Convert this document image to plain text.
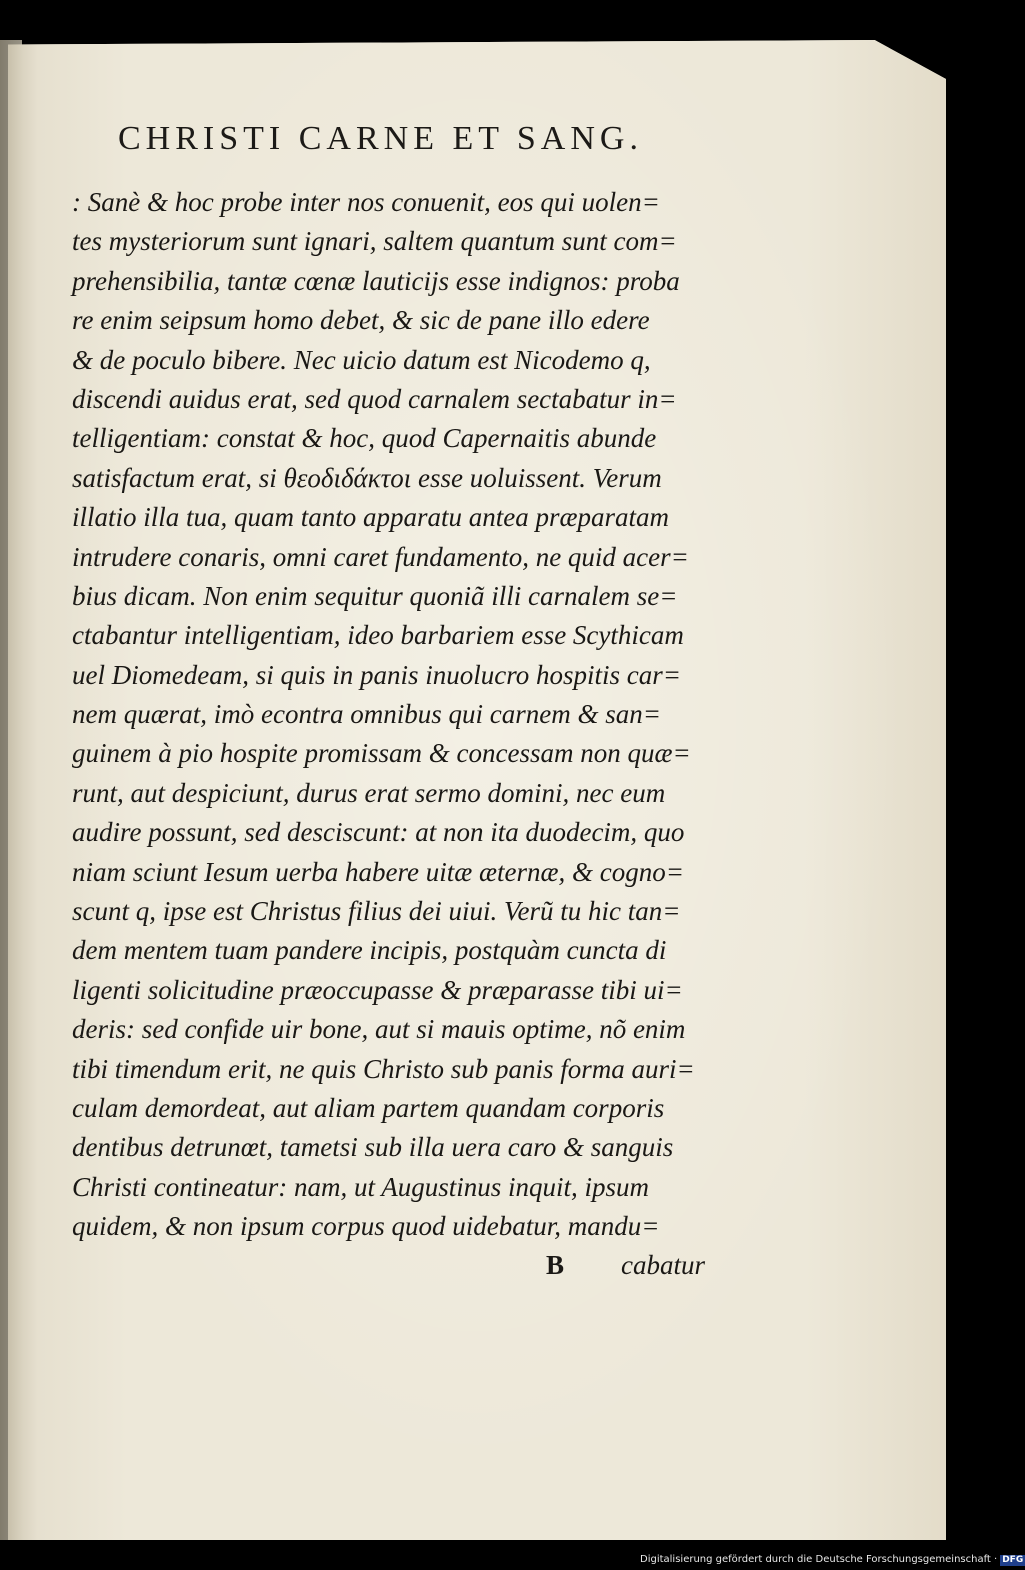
CHRISTI CARNE ET SANG.
: Sanè & hoc probe inter nos conuenit, eos qui uolen=
tes mysteriorum sunt ignari, saltem quantum sunt com=
prehensibilia, tantæ cœnæ lauticijs esse indignos: proba
re enim seipsum homo debet, & sic de pane illo edere
& de poculo bibere. Nec uicio datum est Nicodemo q,
discendi auidus erat, sed quod carnalem sectabatur in=
telligentiam: constat & hoc, quod Capernaitis abunde
satisfactum erat, si θεοδιδάκτοι esse uoluissent. Verum
illatio illa tua, quam tanto apparatu antea præparatam
intrudere conaris, omni caret fundamento, ne quid acer=
bius dicam. Non enim sequitur quoniã illi carnalem se=
ctabantur intelligentiam, ideo barbariem esse Scythicam
uel Diomedeam, si quis in panis inuolucro hospitis car=
nem quærat, imò econtra omnibus qui carnem & san=
guinem à pio hospite promissam & concessam non quæ=
runt, aut despiciunt, durus erat sermo domini, nec eum
audire possunt, sed desciscunt: at non ita duodecim, quo
niam sciunt Iesum uerba habere uitæ æternæ, & cogno=
scunt q, ipse est Christus filius dei uiui. Verũ tu hic tan=
dem mentem tuam pandere incipis, postquàm cuncta di
ligenti solicitudine præoccupasse & præparasse tibi ui=
deris: sed confide uir bone, aut si mauis optime, nõ enim
tibi timendum erit, ne quis Christo sub panis forma auri=
culam demordeat, aut aliam partem quandam corporis
dentibus detrunœt, tametsi sub illa uera caro & sanguis
Christi contineatur: nam, ut Augustinus inquit, ipsum
quidem, & non ipsum corpus quod uidebatur, mandu=
B cabatur
Digitalisierung gefördert durch die Deutsche Forschungsgemeinschaft · DFG
